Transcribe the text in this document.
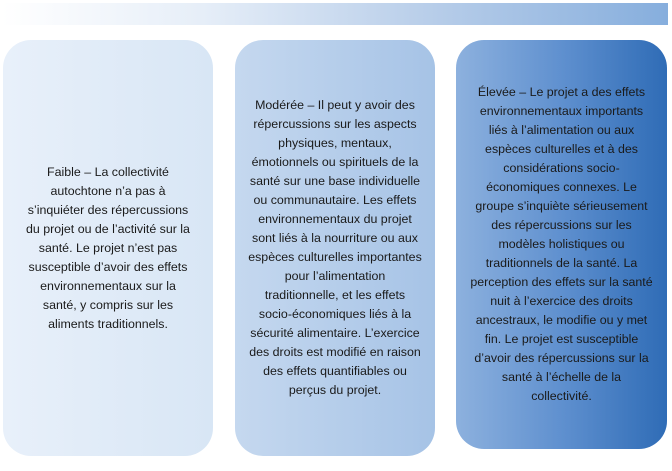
Faible – La collectivité autochtone n’a pas à s’inquiéter des répercussions du projet ou de l’activité sur la santé. Le projet n’est pas susceptible d’avoir des effets environnementaux sur la santé, y compris sur les aliments traditionnels.

Modérée – Il peut y avoir des répercussions sur les aspects physiques, mentaux, émotionnels ou spirituels de la santé sur une base individuelle ou communautaire. Les effets environnementaux du projet sont liés à la nourriture ou aux espèces culturelles importantes pour l’alimentation traditionnelle, et les effets socio-économiques liés à la sécurité alimentaire. L’exercice des droits est modifié en raison des effets quantifiables ou perçus du projet.

Élevée – Le projet a des effets environnementaux importants liés à l’alimentation ou aux espèces culturelles et à des considérations socio-économiques connexes. Le groupe s’inquiète sérieusement des répercussions sur les modèles holistiques ou traditionnels de la santé. La perception des effets sur la santé nuit à l’exercice des droits ancestraux, le modifie ou y met fin. Le projet est susceptible d’avoir des répercussions sur la santé à l’échelle de la collectivité.
